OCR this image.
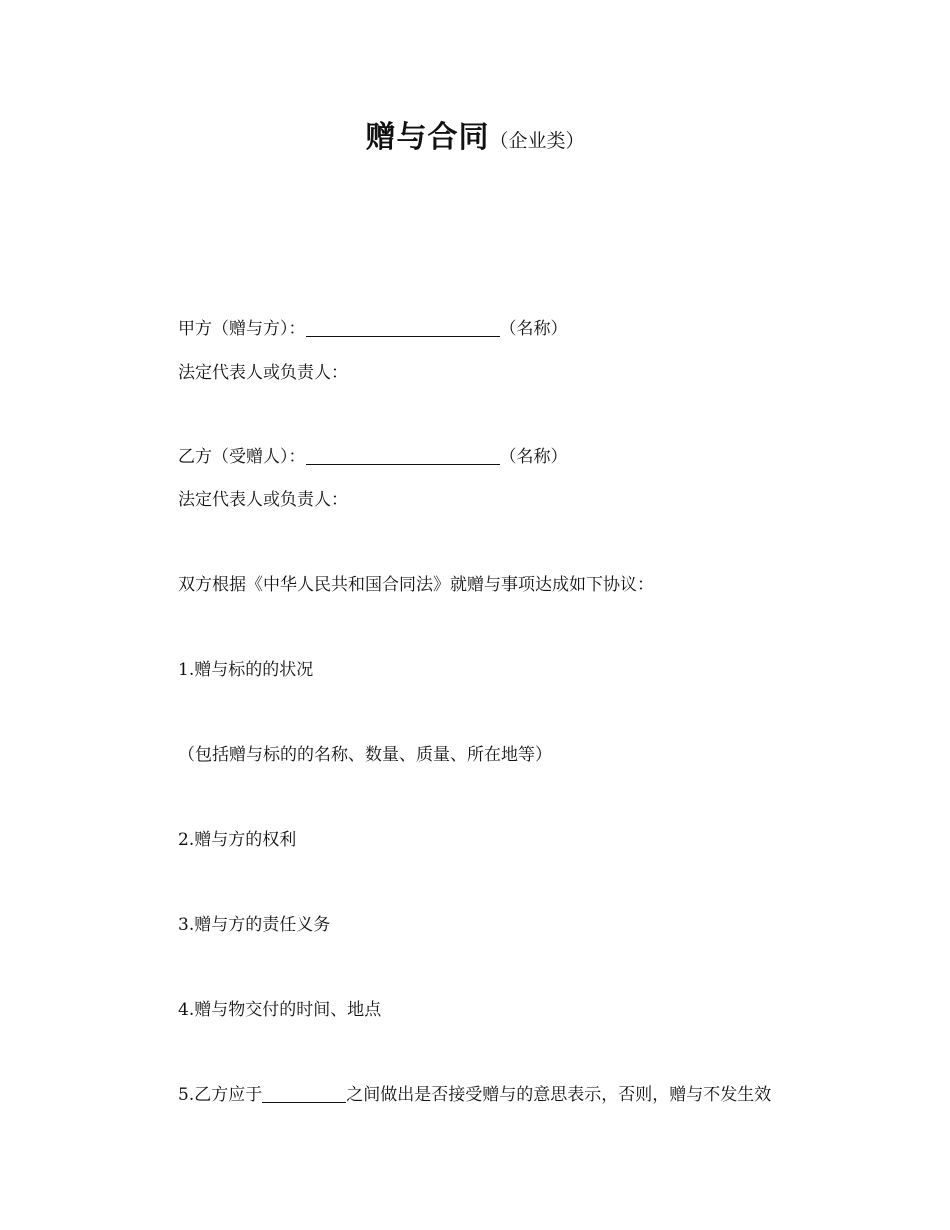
赠与合同（企业类）
甲方（赠与方）：	（名称）
法定代表人或负责人：
乙方（受赠人）：	（名称）
法定代表人或负责人：
双方根据《中华人民共和国合同法》就赠与事项达成如下协议：
1.赠与标的的状况
（包括赠与标的的名称、数量、质量、所在地等）
2.赠与方的权利
3.赠与方的责任义务
4.赠与物交付的时间、地点
5.乙方应于	之间做出是否接受赠与的意思表示，否则，赠与不发生效
